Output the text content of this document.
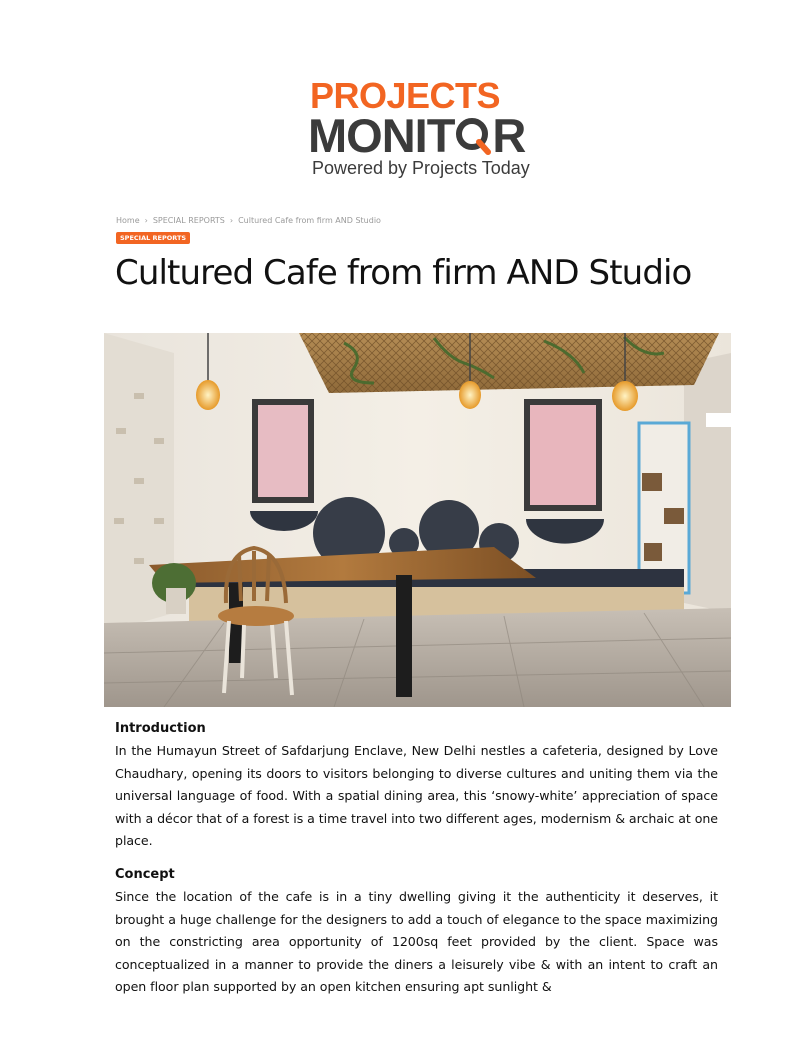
PROJECTS
MONIT R
Powered by Projects Today
Home › SPECIAL REPORTS › Cultured Cafe from firm AND Studio
SPECIAL REPORTS
Cultured Cafe from firm AND Studio
Introduction

In the Humayun Street of Safdarjung Enclave, New Delhi nestles a cafeteria, designed by Love Chaudhary, opening its doors to visitors belonging to diverse cultures and uniting them via the universal language of food. With a spatial dining area, this ‘snowy-white’ appreciation of space with a décor that of a forest is a time travel into two different ages, modernism & archaic at one place.

Concept

Since the location of the cafe is in a tiny dwelling giving it the authenticity it deserves, it brought a huge challenge for the designers to add a touch of elegance to the space maximizing on the constricting area opportunity of 1200sq feet provided by the client. Space was conceptualized in a manner to provide the diners a leisurely vibe & with an intent to craft an open floor plan supported by an open kitchen ensuring apt sunlight &
